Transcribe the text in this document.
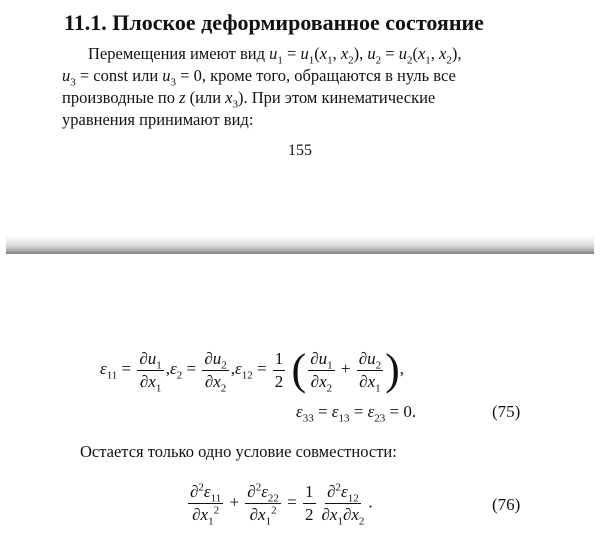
11.1. Плоское деформированное состояние
Перемещения имеют вид $u_1 = u_1(x_1$, $x_2$), $u_2 = u_2(x_1$, $x_2$),
$u_3$ = const или $u_3 = 0$, кроме того, обращаются в нуль все
производные по z (или $x_3$). При этом кинематические
уравнения принимают вид:
155
$\varepsilon_{11} = \frac{\partial u_1}{\partial x_1} ,\varepsilon_2 = \frac{\partial u_2}{\partial x_2} ,\varepsilon_{12} = \frac{1}{2}$ ( $\frac{\partial u_1}{\partial x_2} + \frac{\partial u_2}{\partial x_1}$ ),
$\varepsilon_{33} = \varepsilon_{13} = \varepsilon_{23} = 0$.	(75)
Остается только одно условие совместности:
$\frac{\partial^2\varepsilon_{11}}{\partial x_1^2} + \frac{\partial^2\varepsilon_{22}}{\partial x_1^2} = \frac{1}{2} \frac{\partial^2\varepsilon_{12}}{\partial x_1\partial x_2}$ .	(76)
